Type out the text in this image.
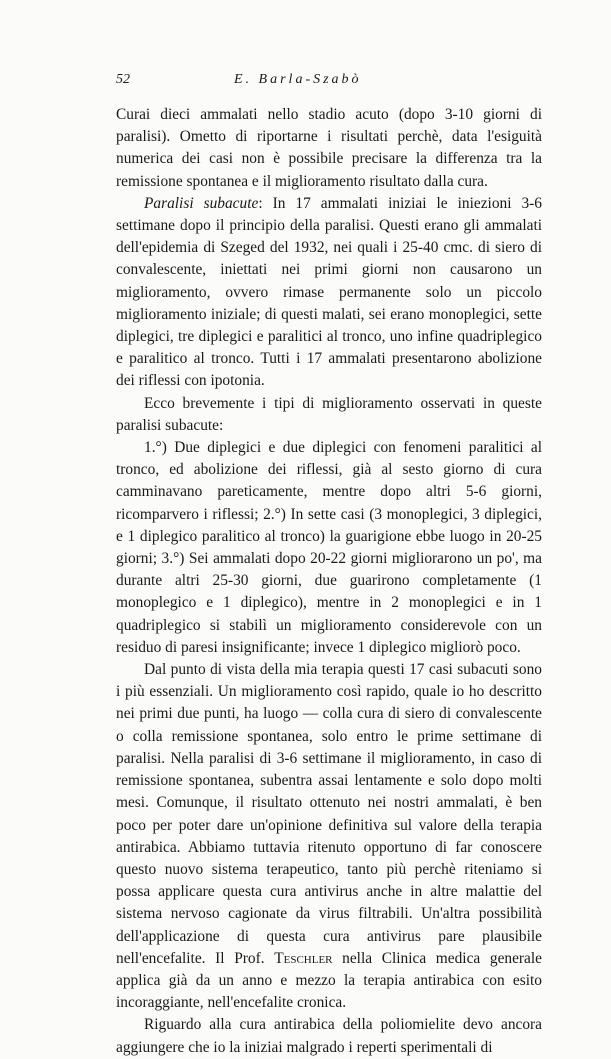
52	E. Barla-Szabò

Curai dieci ammalati nello stadio acuto (dopo 3-10 giorni di paralisi). Ometto di riportarne i risultati perchè, data l'esiguità numerica dei casi non è possibile precisare la differenza tra la remissione spontanea e il miglioramento risultato dalla cura.

Paralisi subacute: In 17 ammalati iniziai le iniezioni 3-6 settimane dopo il principio della paralisi. Questi erano gli ammalati dell'epidemia di Szeged del 1932, nei quali i 25-40 cmc. di siero di convalescente, iniettati nei primi giorni non causarono un miglioramento, ovvero rimase permanente solo un piccolo miglioramento iniziale; di questi malati, sei erano monoplegici, sette diplegici, tre diplegici e paralitici al tronco, uno infine quadriplegico e paralitico al tronco. Tutti i 17 ammalati presentarono abolizione dei riflessi con ipotonia.

Ecco brevemente i tipi di miglioramento osservati in queste paralisi subacute:

1.°) Due diplegici e due diplegici con fenomeni paralitici al tronco, ed abolizione dei riflessi, già al sesto giorno di cura camminavano pareticamente, mentre dopo altri 5-6 giorni, ricomparvero i riflessi; 2.°) In sette casi (3 monoplegici, 3 diplegici, e 1 diplegico paralitico al tronco) la guarigione ebbe luogo in 20-25 giorni; 3.°) Sei ammalati dopo 20-22 giorni migliorarono un po', ma durante altri 25-30 giorni, due guarirono completamente (1 monoplegico e 1 diplegico), mentre in 2 monoplegici e in 1 quadriplegico si stabilì un miglioramento considerevole con un residuo di paresi insignificante; invece 1 diplegico migliorò poco.

Dal punto di vista della mia terapia questi 17 casi subacuti sono i più essenziali. Un miglioramento così rapido, quale io ho descritto nei primi due punti, ha luogo — colla cura di siero di convalescente o colla remissione spontanea, solo entro le prime settimane di paralisi. Nella paralisi di 3-6 settimane il miglioramento, in caso di remissione spontanea, subentra assai lentamente e solo dopo molti mesi. Comunque, il risultato ottenuto nei nostri ammalati, è ben poco per poter dare un'opinione definitiva sul valore della terapia antirabica. Abbiamo tuttavia ritenuto opportuno di far conoscere questo nuovo sistema terapeutico, tanto più perchè riteniamo si possa applicare questa cura antivirus anche in altre malattie del sistema nervoso cagionate da virus filtrabili. Un'altra possibilità dell'applicazione di questa cura antivirus pare plausibile nell'encefalite. Il Prof. Teschler nella Clinica medica generale applica già da un anno e mezzo la terapia antirabica con esito incoraggiante, nell'encefalite cronica.

Riguardo alla cura antirabica della poliomielite devo ancora aggiungere che io la iniziai malgrado i reperti sperimentali di
